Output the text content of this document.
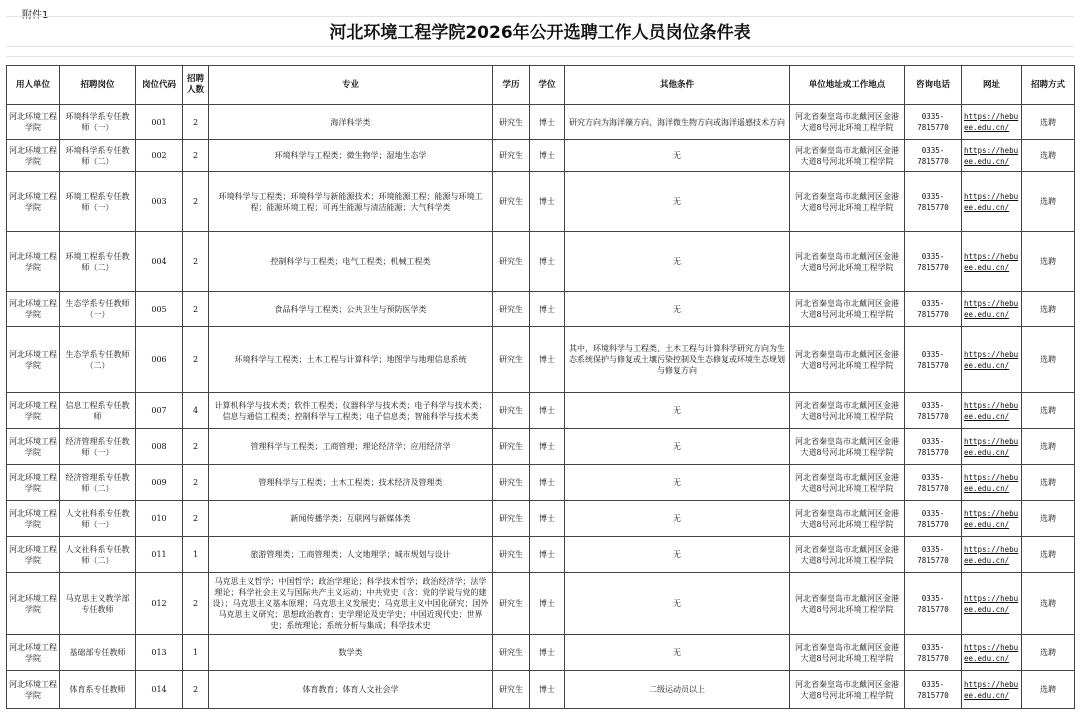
附件1
河北环境工程学院2026年公开选聘工作人员岗位条件表
用人单位	招聘岗位	岗位代码	招聘人数	专业	学历	学位	其他条件	单位地址或工作地点	咨询电话	网址	招聘方式
河北环境工程学院	环境科学系专任教师（一）	001	2	海洋科学类	研究生	博士	研究方向为海洋藻方向、海洋微生物方向或海洋遥感技术方向	河北省秦皇岛市北戴河区金港大道8号河北环境工程学院	0335-7815770	https://hebuee.edu.cn/	选聘
河北环境工程学院	环境科学系专任教师（二）	002	2	环境科学与工程类；微生物学；湿地生态学	研究生	博士	无	河北省秦皇岛市北戴河区金港大道8号河北环境工程学院	0335-7815770	https://hebuee.edu.cn/	选聘
河北环境工程学院	环境工程系专任教师（一）	003	2	环境科学与工程类；环境科学与新能源技术；环境能源工程；能源与环境工程；能源环境工程；可再生能源与清洁能源；大气科学类	研究生	博士	无	河北省秦皇岛市北戴河区金港大道8号河北环境工程学院	0335-7815770	https://hebuee.edu.cn/	选聘
河北环境工程学院	环境工程系专任教师（二）	004	2	控制科学与工程类；电气工程类；机械工程类	研究生	博士	无	河北省秦皇岛市北戴河区金港大道8号河北环境工程学院	0335-7815770	https://hebuee.edu.cn/	选聘
河北环境工程学院	生态学系专任教师（一）	005	2	食品科学与工程类；公共卫生与预防医学类	研究生	博士	无	河北省秦皇岛市北戴河区金港大道8号河北环境工程学院	0335-7815770	https://hebuee.edu.cn/	选聘
河北环境工程学院	生态学系专任教师（二）	006	2	环境科学与工程类；土木工程与计算科学；地图学与地理信息系统	研究生	博士	其中，环境科学与工程类、土木工程与计算科学研究方向为生态系统保护与修复或土壤污染控制及生态修复或环境生态规划与修复方向	河北省秦皇岛市北戴河区金港大道8号河北环境工程学院	0335-7815770	https://hebuee.edu.cn/	选聘
河北环境工程学院	信息工程系专任教师	007	4	计算机科学与技术类；软件工程类；仪器科学与技术类；电子科学与技术类；信息与通信工程类；控制科学与工程类；电子信息类；智能科学与技术类	研究生	博士	无	河北省秦皇岛市北戴河区金港大道8号河北环境工程学院	0335-7815770	https://hebuee.edu.cn/	选聘
河北环境工程学院	经济管理系专任教师（一）	008	2	管理科学与工程类；工商管理；理论经济学；应用经济学	研究生	博士	无	河北省秦皇岛市北戴河区金港大道8号河北环境工程学院	0335-7815770	https://hebuee.edu.cn/	选聘
河北环境工程学院	经济管理系专任教师（二）	009	2	管理科学与工程类；土木工程类；技术经济及管理类	研究生	博士	无	河北省秦皇岛市北戴河区金港大道8号河北环境工程学院	0335-7815770	https://hebuee.edu.cn/	选聘
河北环境工程学院	人文社科系专任教师（一）	010	2	新闻传播学类；互联网与新媒体类	研究生	博士	无	河北省秦皇岛市北戴河区金港大道8号河北环境工程学院	0335-7815770	https://hebuee.edu.cn/	选聘
河北环境工程学院	人文社科系专任教师（二）	011	1	旅游管理类；工商管理类；人文地理学；城市规划与设计	研究生	博士	无	河北省秦皇岛市北戴河区金港大道8号河北环境工程学院	0335-7815770	https://hebuee.edu.cn/	选聘
河北环境工程学院	马克思主义教学部专任教师	012	2	马克思主义哲学；中国哲学；政治学理论；科学技术哲学；政治经济学；法学理论；科学社会主义与国际共产主义运动；中共党史（含：党的学说与党的建设）；马克思主义基本原理；马克思主义发展史；马克思主义中国化研究；国外马克思主义研究；思想政治教育；史学理论及史学史；中国近现代史；世界史；系统理论；系统分析与集成；科学技术史	研究生	博士	无	河北省秦皇岛市北戴河区金港大道8号河北环境工程学院	0335-7815770	https://hebuee.edu.cn/	选聘
河北环境工程学院	基础部专任教师	013	1	数学类	研究生	博士	无	河北省秦皇岛市北戴河区金港大道8号河北环境工程学院	0335-7815770	https://hebuee.edu.cn/	选聘
河北环境工程学院	体育系专任教师	014	2	体育教育；体育人文社会学	研究生	博士	二级运动员以上	河北省秦皇岛市北戴河区金港大道8号河北环境工程学院	0335-7815770	https://hebuee.edu.cn/	选聘
